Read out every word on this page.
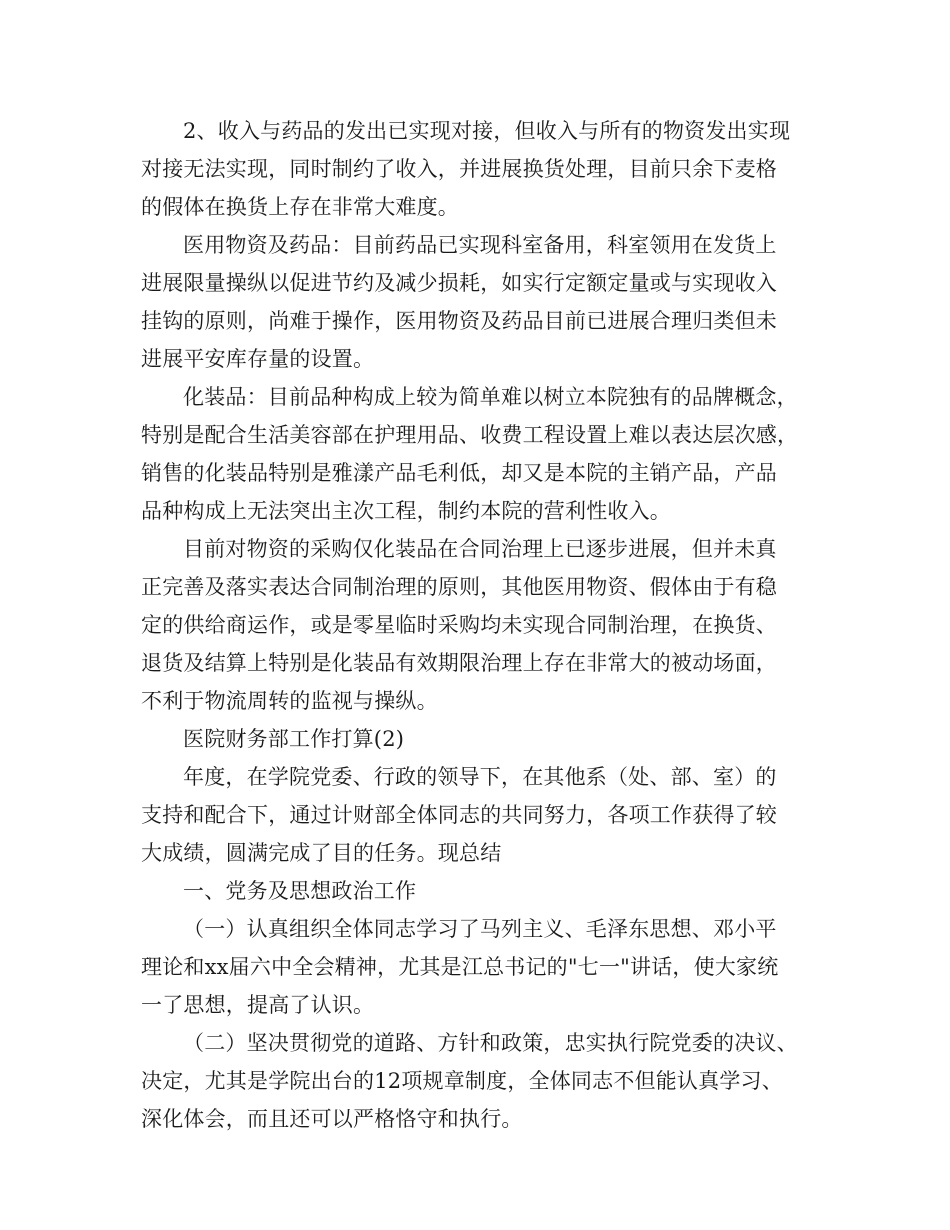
2、收入与药品的发出已实现对接，但收入与所有的物资发出实现

对接无法实现，同时制约了收入，并进展换货处理，目前只余下麦格

的假体在换货上存在非常大难度。

医用物资及药品：目前药品已实现科室备用，科室领用在发货上

进展限量操纵以促进节约及减少损耗，如实行定额定量或与实现收入

挂钩的原则，尚难于操作，医用物资及药品目前已进展合理归类但未

进展平安库存量的设置。

化装品：目前品种构成上较为简单难以树立本院独有的品牌概念，

特别是配合生活美容部在护理用品、收费工程设置上难以表达层次感，

销售的化装品特别是雅漾产品毛利低，却又是本院的主销产品，产品

品种构成上无法突出主次工程，制约本院的营利性收入。

目前对物资的采购仅化装品在合同治理上已逐步进展，但并未真

正完善及落实表达合同制治理的原则，其他医用物资、假体由于有稳

定的供给商运作，或是零星临时采购均未实现合同制治理，在换货、

退货及结算上特别是化装品有效期限治理上存在非常大的被动场面，

不利于物流周转的监视与操纵。

医院财务部工作打算(2)

年度，在学院党委、行政的领导下，在其他系（处、部、室）的

支持和配合下，通过计财部全体同志的共同努力，各项工作获得了较

大成绩，圆满完成了目的任务。现总结

一、党务及思想政治工作

（一）认真组织全体同志学习了马列主义、毛泽东思想、邓小平

理论和xx届六中全会精神，尤其是江总书记的"七一"讲话，使大家统

一了思想，提高了认识。

（二）坚决贯彻党的道路、方针和政策，忠实执行院党委的决议、

决定，尤其是学院出台的12项规章制度，全体同志不但能认真学习、

深化体会，而且还可以严格恪守和执行。
